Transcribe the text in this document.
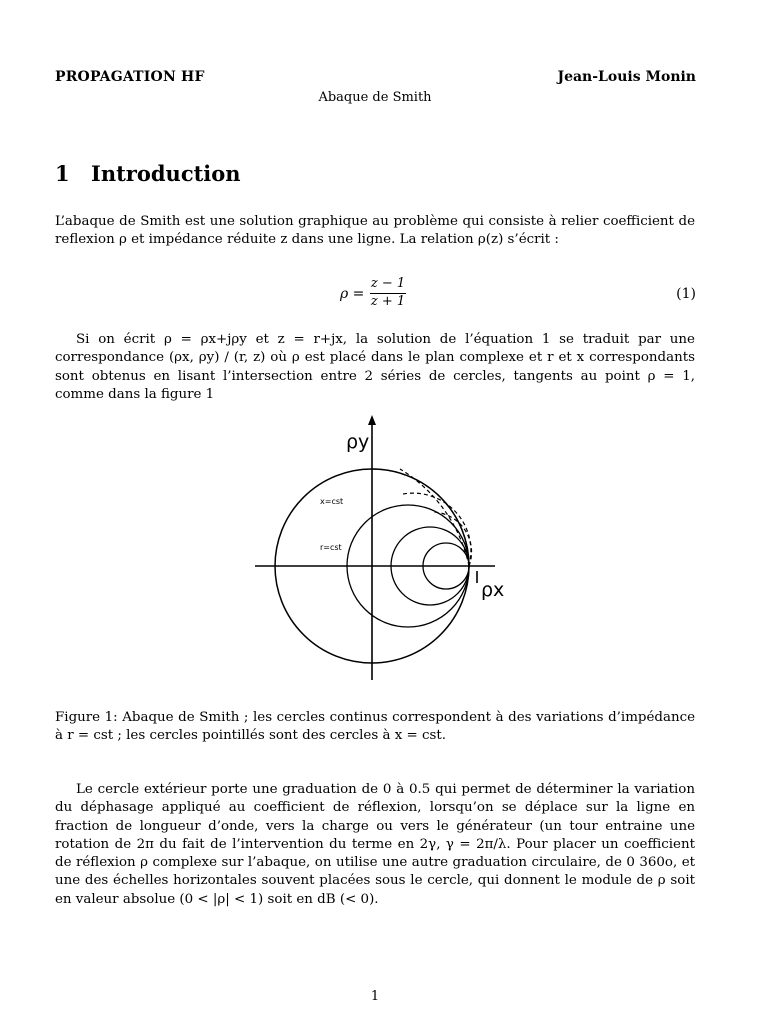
PROPAGATION HF	Jean-Louis Monin
Abaque de Smith
1 Introduction
L’abaque de Smith est une solution graphique au problème qui consiste à relier coefficient de reflexion ρ et impédance réduite z dans une ligne. La relation ρ(z) s’écrit :
ρ =
z − 1
z + 1	(1)
Si on écrit ρ = ρx+jρy et z = r+jx, la solution de l’équation 1 se traduit par une correspondance (ρx, ρy) / (r, z) où ρ est placé dans le plan complexe et r et x correspondants sont obtenus en lisant l’intersection entre 2 séries de cercles, tangents au point ρ = 1, comme dans la figure 1
ρy
ρx
x=cst
r=cst
Figure 1: Abaque de Smith ; les cercles continus correspondent à des variations d’impédance à r = cst ; les cercles pointillés sont des cercles à x = cst.
Le cercle extérieur porte une graduation de 0 à 0.5 qui permet de déterminer la variation du déphasage appliqué au coefficient de réflexion, lorsqu’on se déplace sur la ligne en fraction de longueur d’onde, vers la charge ou vers le générateur (un tour entraine une rotation de 2π du fait de l’intervention du terme en 2γ, γ = 2π/λ. Pour placer un coefficient de réflexion ρ complexe sur l’abaque, on utilise une autre graduation circulaire, de 0 360o, et une des échelles horizontales souvent placées sous le cercle, qui donnent le module de ρ soit en valeur absolue (0 < |ρ| < 1) soit en dB (< 0).
1
